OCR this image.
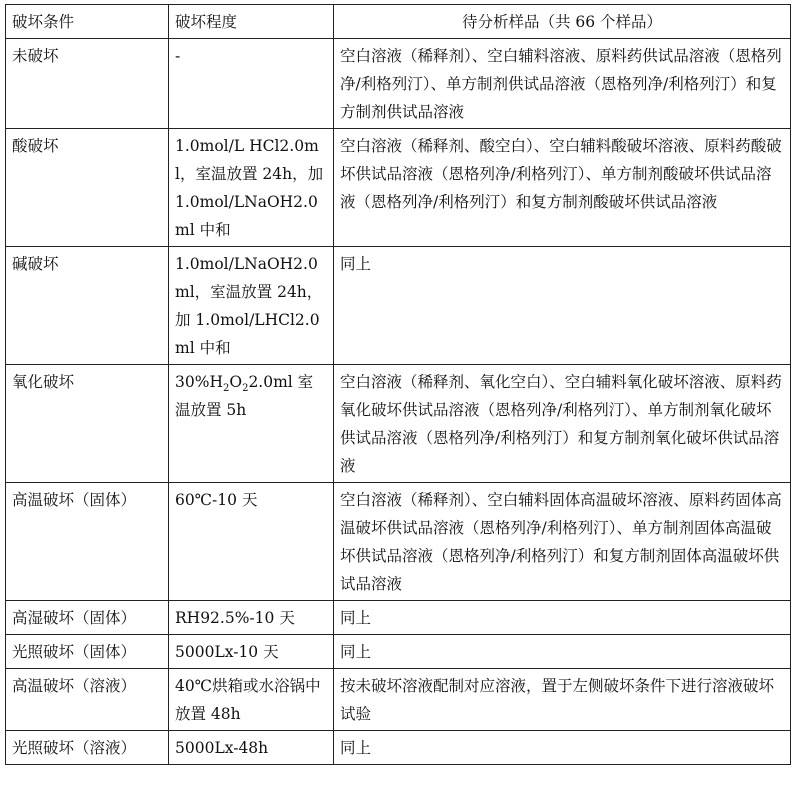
破坏条件	破坏程度	待分析样品（共 66 个样品）
未破坏	-	空白溶液（稀释剂）、空白辅料溶液、原料药供试品溶液（恩格列净/利格列汀）、单方制剂供试品溶液（恩格列净/利格列汀）和复方制剂供试品溶液
酸破坏	1.0mol/L HCl2.0ml，室温放置 24h，加 1.0mol/LNaOH2.0ml 中和	空白溶液（稀释剂、酸空白）、空白辅料酸破坏溶液、原料药酸破坏供试品溶液（恩格列净/利格列汀）、单方制剂酸破坏供试品溶液（恩格列净/利格列汀）和复方制剂酸破坏供试品溶液
碱破坏	1.0mol/LNaOH2.0ml，室温放置 24h，加 1.0mol/LHCl2.0ml 中和	同上
氧化破坏	$30\%H_2O_22.0ml$ 室温放置 5h	空白溶液（稀释剂、氧化空白）、空白辅料氧化破坏溶液、原料药氧化破坏供试品溶液（恩格列净/利格列汀）、单方制剂氧化破坏供试品溶液（恩格列净/利格列汀）和复方制剂氧化破坏供试品溶液
高温破坏（固体）	60℃-10 天	空白溶液（稀释剂）、空白辅料固体高温破坏溶液、原料药固体高温破坏供试品溶液（恩格列净/利格列汀）、单方制剂固体高温破坏供试品溶液（恩格列净/利格列汀）和复方制剂固体高温破坏供试品溶液
高湿破坏（固体）	RH92.5%-10 天	同上
光照破坏（固体）	5000Lx-10 天	同上
高温破坏（溶液）	40℃烘箱或水浴锅中放置 48h	按未破坏溶液配制对应溶液，置于左侧破坏条件下进行溶液破坏试验
光照破坏（溶液）	5000Lx-48h	同上
